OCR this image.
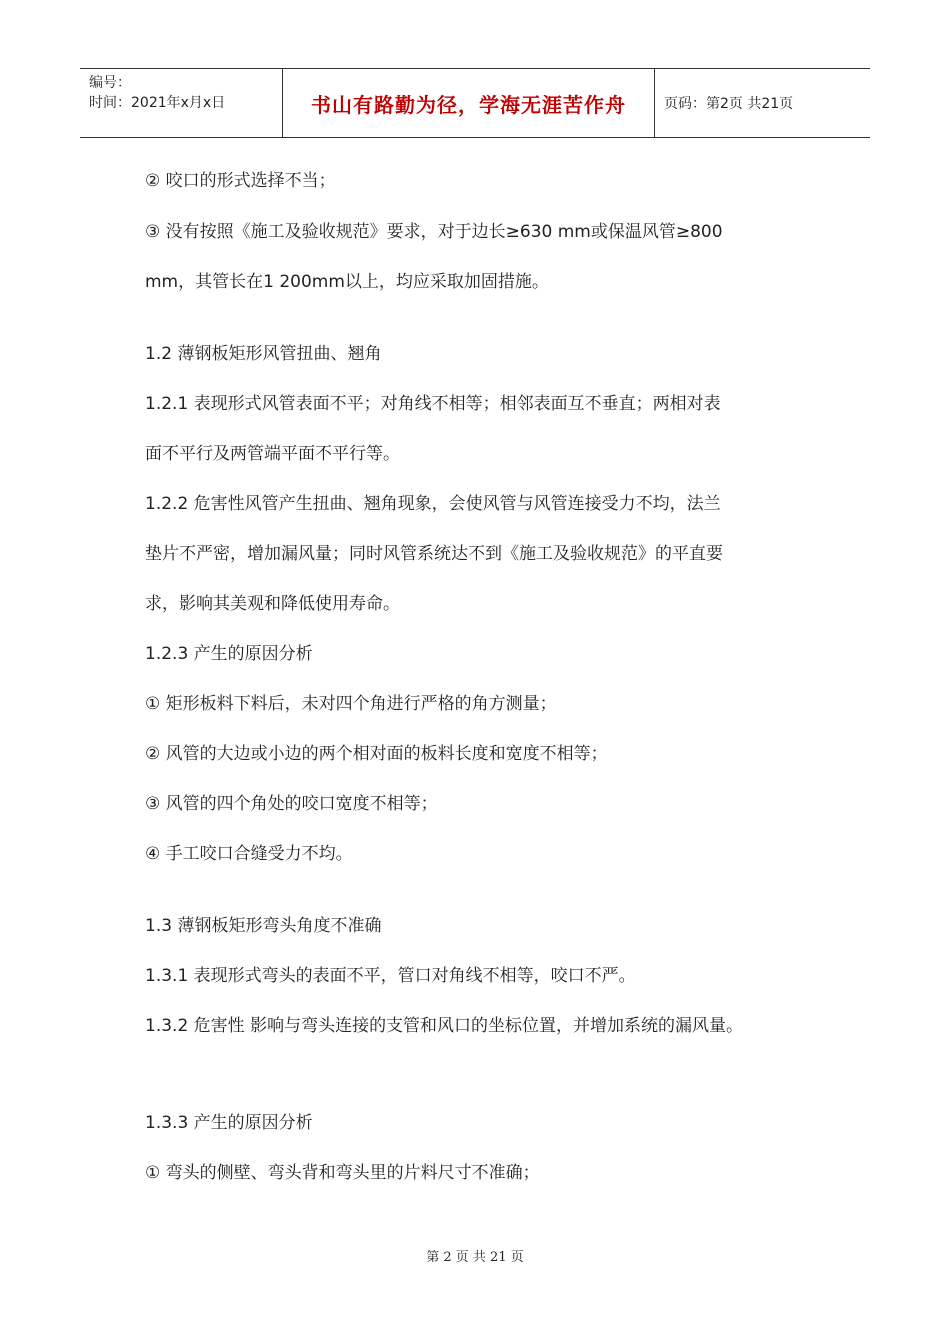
编号：
时间：2021年x月x日	书山有路勤为径，学海无涯苦作舟	页码：第2页 共21页
② 咬口的形式选择不当；
③ 没有按照《施工及验收规范》要求，对于边长≥630 mm或保温风管≥800
mm，其管长在1 200mm以上，均应采取加固措施。
1.2 薄钢板矩形风管扭曲、翘角
1.2.1 表现形式风管表面不平；对角线不相等；相邻表面互不垂直；两相对表
面不平行及两管端平面不平行等。
1.2.2 危害性风管产生扭曲、翘角现象，会使风管与风管连接受力不均，法兰
垫片不严密，增加漏风量；同时风管系统达不到《施工及验收规范》的平直要
求，影响其美观和降低使用寿命。
1.2.3 产生的原因分析
① 矩形板料下料后，未对四个角进行严格的角方测量；
② 风管的大边或小边的两个相对面的板料长度和宽度不相等；
③ 风管的四个角处的咬口宽度不相等；
④ 手工咬口合缝受力不均。
1.3 薄钢板矩形弯头角度不准确
1.3.1 表现形式弯头的表面不平，管口对角线不相等，咬口不严。
1.3.2 危害性 影响与弯头连接的支管和风口的坐标位置，并增加系统的漏风量。
1.3.3 产生的原因分析
① 弯头的侧壁、弯头背和弯头里的片料尺寸不准确；
第 2 页 共 21 页
